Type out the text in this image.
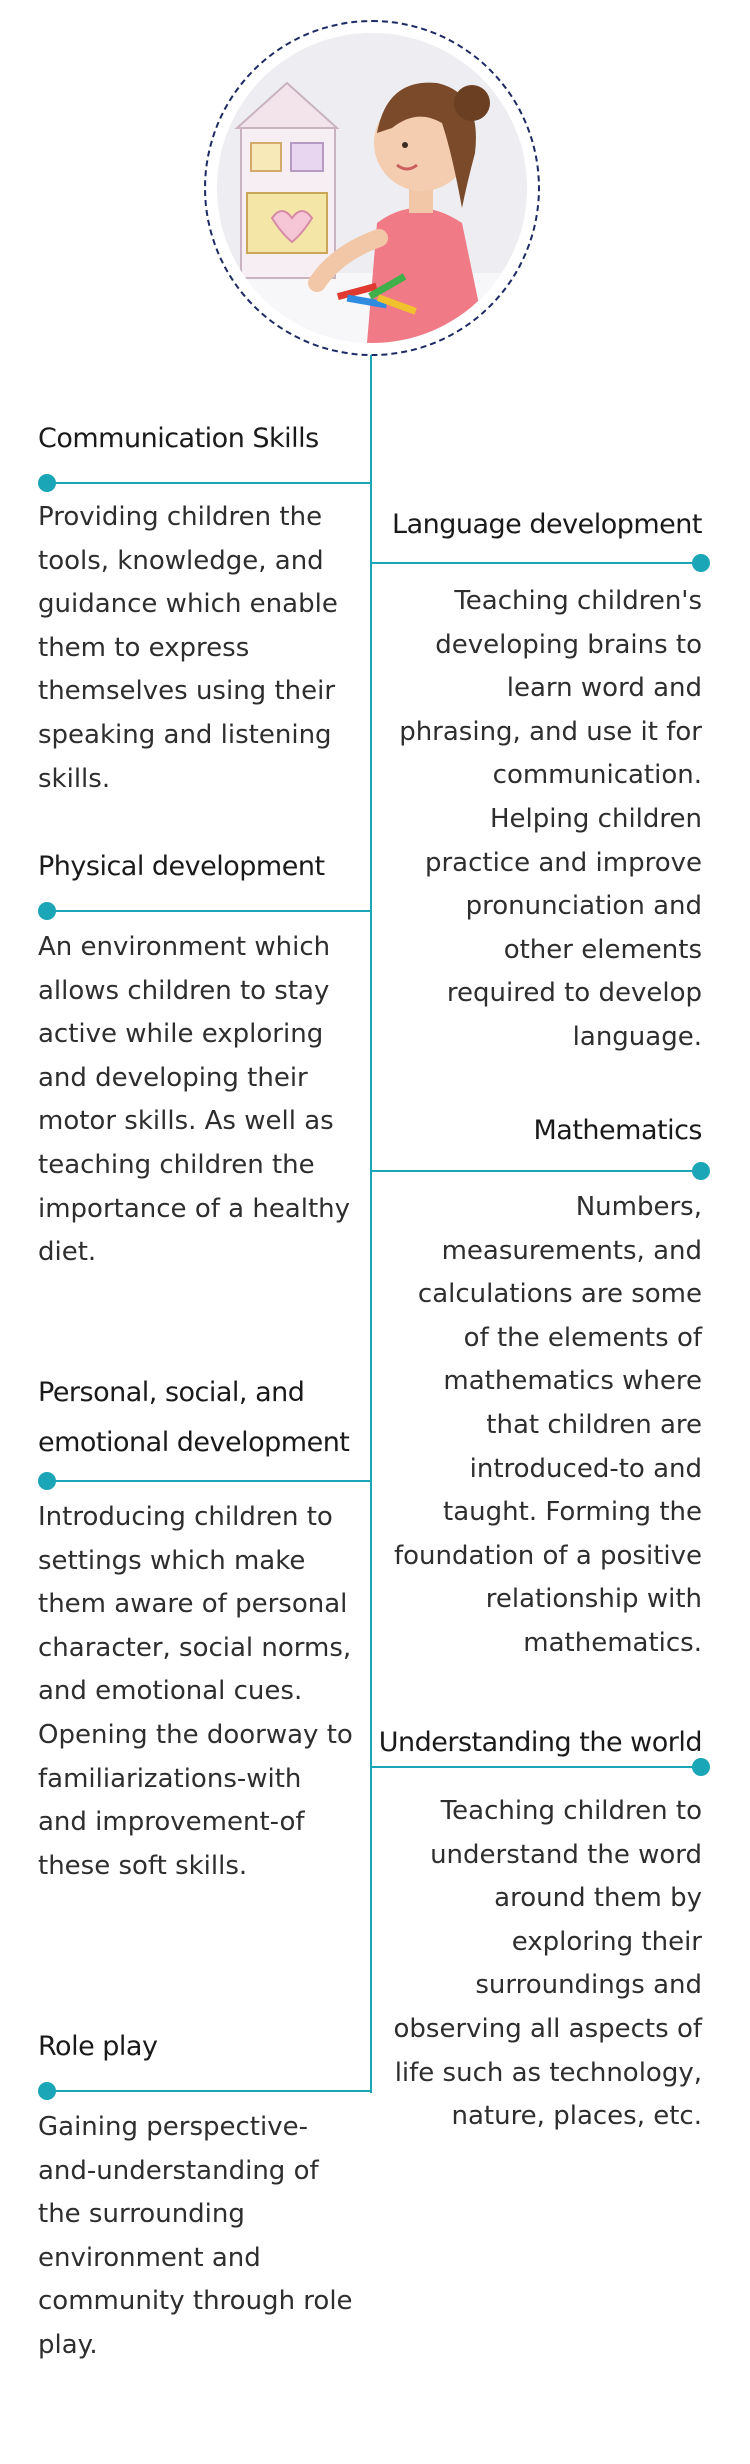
Communication Skills

Providing children the tools, knowledge, and guidance which enable them to express themselves using their speaking and listening skills.

Physical development

An environment which allows children to stay active while exploring and developing their motor skills. As well as teaching children the importance of a healthy diet.

Personal, social, and emotional development

Introducing children to settings which make them aware of personal character, social norms, and emotional cues. Opening the doorway to familiarizations-with and improvement-of these soft skills.

Role play

Gaining perspective-and-understanding of the surrounding environment and community through role play.

Language development

Teaching children's developing brains to learn word and phrasing, and use it for communication. Helping children practice and improve pronunciation and other elements required to develop language.

Mathematics

Numbers, measurements, and calculations are some of the elements of mathematics where that children are introduced-to and taught. Forming the foundation of a positive relationship with mathematics.

Understanding the world

Teaching children to understand the word around them by exploring their surroundings and observing all aspects of life such as technology, nature, places, etc.
